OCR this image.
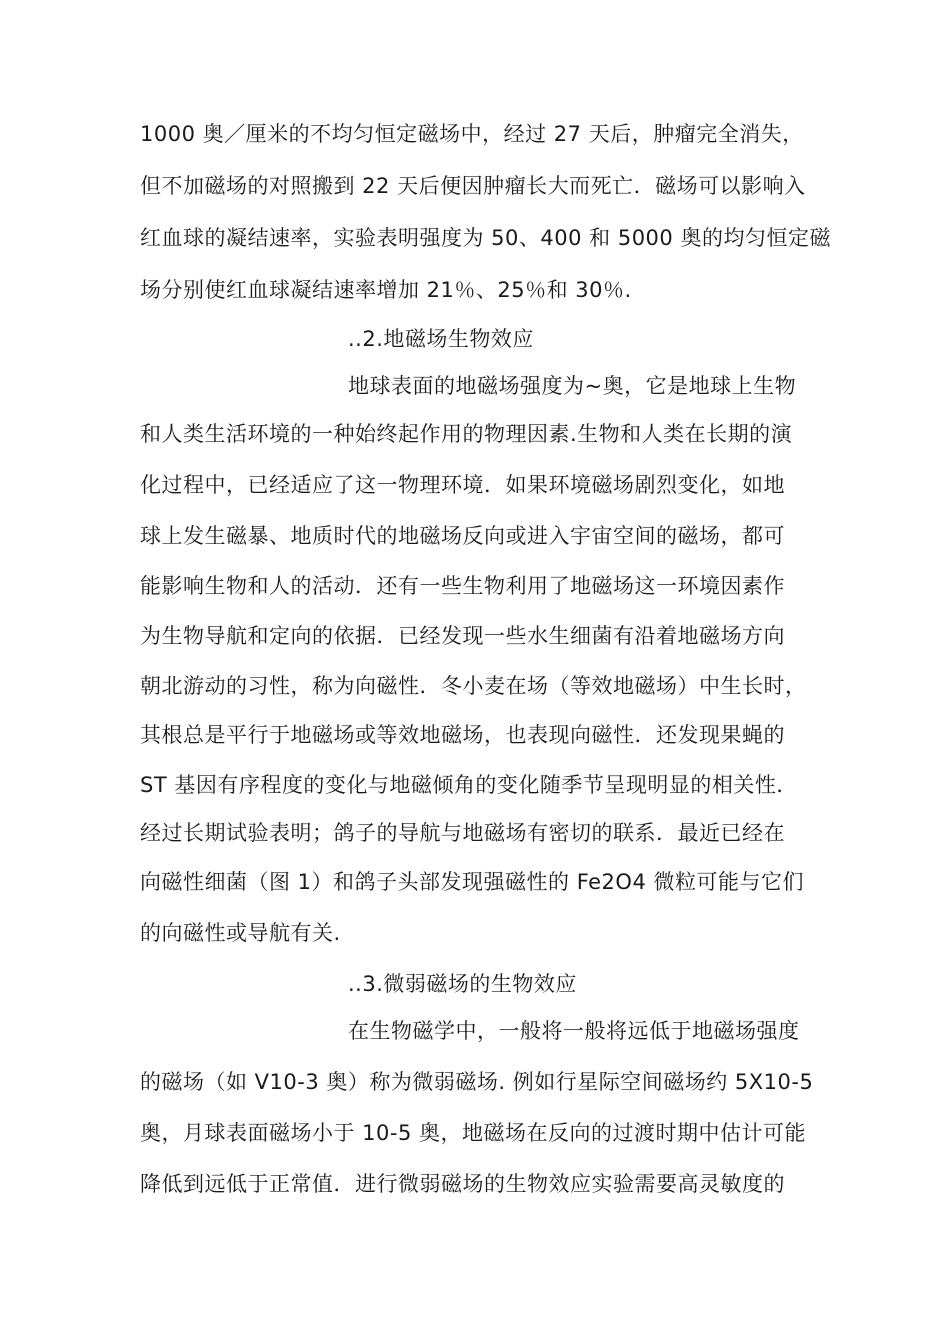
1000 奥／厘米的不均匀恒定磁场中，经过 27 天后，肿瘤完全消失，
但不加磁场的对照搬到 22 天后便因肿瘤长大而死亡．磁场可以影响入
红血球的凝结速率，实验表明强度为 50、400 和 5000 奥的均匀恒定磁
场分别使红血球凝结速率增加 21％、25％和 30％.
..2.地磁场生物效应
地球表面的地磁场强度为~奥，它是地球上生物
和人类生活环境的一种始终起作用的物理因素.生物和人类在长期的演
化过程中，已经适应了这一物理环境．如果环境磁场剧烈变化，如地
球上发生磁暴、地质时代的地磁场反向或进入宇宙空间的磁场，都可
能影响生物和人的活动．还有一些生物利用了地磁场这一环境因素作
为生物导航和定向的依据．已经发现一些水生细菌有沿着地磁场方向
朝北游动的习性，称为向磁性．冬小麦在场（等效地磁场）中生长时，
其根总是平行于地磁场或等效地磁场，也表现向磁性．还发现果蝇的
ST 基因有序程度的变化与地磁倾角的变化随季节呈现明显的相关性．
经过长期试验表明；鸽子的导航与地磁场有密切的联系．最近已经在
向磁性细菌（图 1）和鸽子头部发现强磁性的 Fe2O4 微粒可能与它们
的向磁性或导航有关.
..3.微弱磁场的生物效应
在生物磁学中，一般将一般将远低于地磁场强度
的磁场（如 V10-3 奥）称为微弱磁场. 例如行星际空间磁场约 5X10-5
奥，月球表面磁场小于 10-5 奥，地磁场在反向的过渡时期中估计可能
降低到远低于正常值．进行微弱磁场的生物效应实验需要高灵敏度的
